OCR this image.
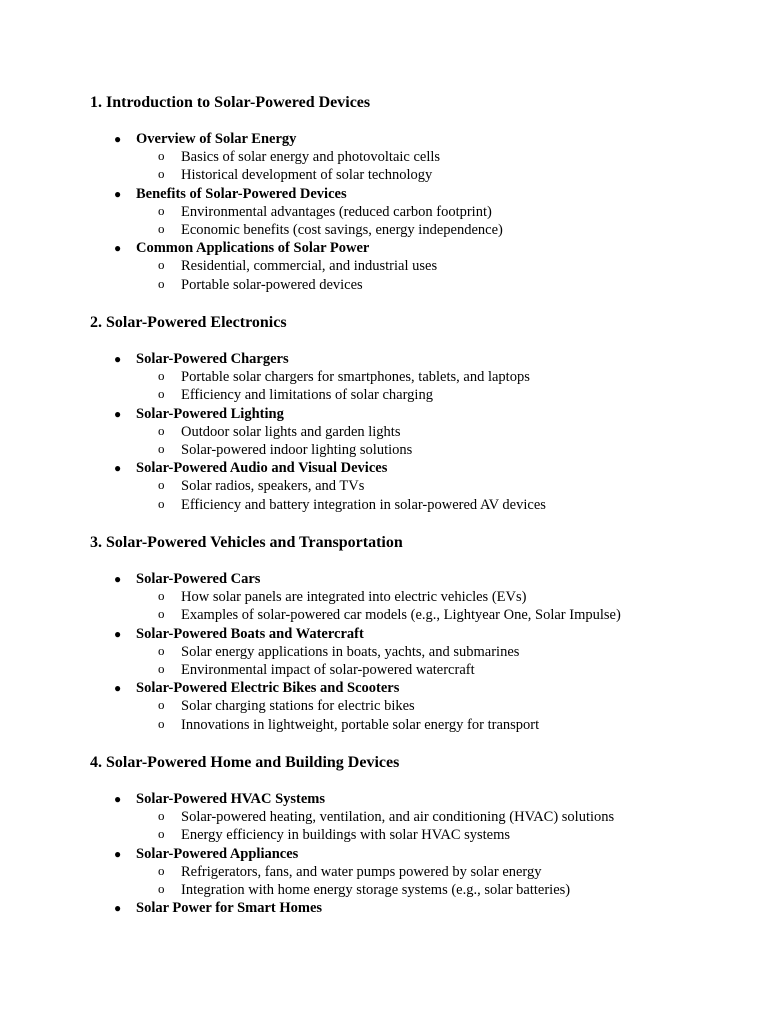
1. Introduction to Solar-Powered Devices
● Overview of Solar Energy
o Basics of solar energy and photovoltaic cells
o Historical development of solar technology
● Benefits of Solar-Powered Devices
o Environmental advantages (reduced carbon footprint)
o Economic benefits (cost savings, energy independence)
● Common Applications of Solar Power
o Residential, commercial, and industrial uses
o Portable solar-powered devices
2. Solar-Powered Electronics
● Solar-Powered Chargers
o Portable solar chargers for smartphones, tablets, and laptops
o Efficiency and limitations of solar charging
● Solar-Powered Lighting
o Outdoor solar lights and garden lights
o Solar-powered indoor lighting solutions
● Solar-Powered Audio and Visual Devices
o Solar radios, speakers, and TVs
o Efficiency and battery integration in solar-powered AV devices
3. Solar-Powered Vehicles and Transportation
● Solar-Powered Cars
o How solar panels are integrated into electric vehicles (EVs)
o Examples of solar-powered car models (e.g., Lightyear One, Solar Impulse)
● Solar-Powered Boats and Watercraft
o Solar energy applications in boats, yachts, and submarines
o Environmental impact of solar-powered watercraft
● Solar-Powered Electric Bikes and Scooters
o Solar charging stations for electric bikes
o Innovations in lightweight, portable solar energy for transport
4. Solar-Powered Home and Building Devices
● Solar-Powered HVAC Systems
o Solar-powered heating, ventilation, and air conditioning (HVAC) solutions
o Energy efficiency in buildings with solar HVAC systems
● Solar-Powered Appliances
o Refrigerators, fans, and water pumps powered by solar energy
o Integration with home energy storage systems (e.g., solar batteries)
● Solar Power for Smart Homes
